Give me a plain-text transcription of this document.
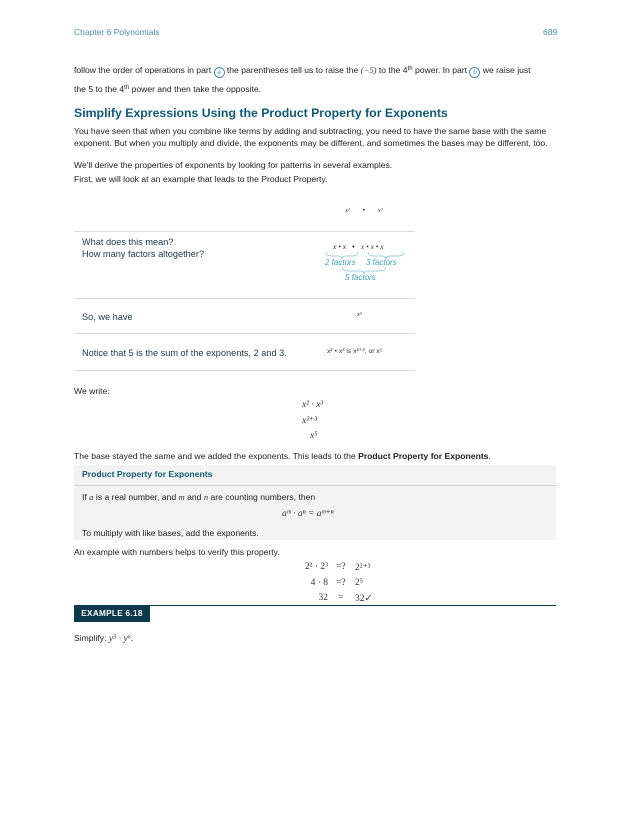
Chapter 6 Polynomials	689
follow the order of operations in part a the parentheses tell us to raise the (−5) to the 4th power. In part b we raise just
the 5 to the 4th power and then take the opposite.
Simplify Expressions Using the Product Property for Exponents
You have seen that when you combine like terms by adding and subtracting, you need to have the same base with the same exponent. But when you multiply and divide, the exponents may be different, and sometimes the bases may be different, too.
We'll derive the properties of exponents by looking for patterns in several examples.
First, we will look at an example that leads to the Product Property.
x² • x³
What does this mean?
How many factors altogether?
x • x • x • x • x
2 factors 3 factors
5 factors
So, we have	x⁵
Notice that 5 is the sum of the exponents, 2 and 3.	x² • x³ is x²⁺³, or x⁵
We write:
x² · x³
x²⁺³
x⁵
The base stayed the same and we added the exponents. This leads to the Product Property for Exponents.
Product Property for Exponents
If a is a real number, and m and n are counting numbers, then
aᵐ · aⁿ = aᵐ⁺ⁿ
To multiply with like bases, add the exponents.
An example with numbers helps to verify this property.
2² · 2³ =? 2²⁺³
4 · 8 =? 2⁵
32 = 32✓
EXAMPLE 6.18
Simplify: y⁵ · y⁶.
